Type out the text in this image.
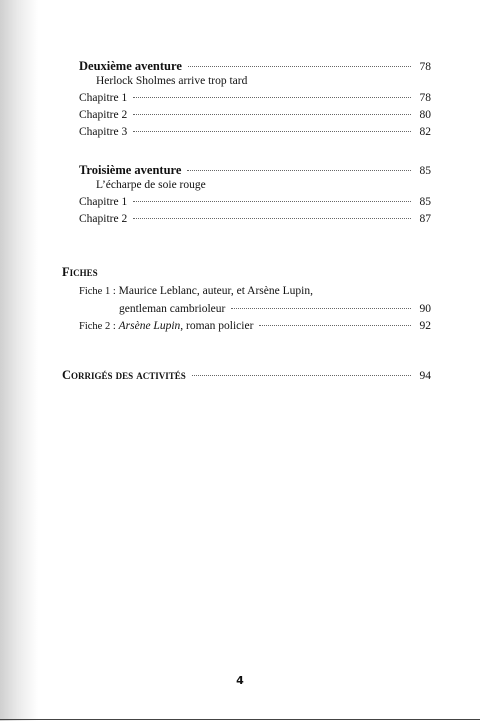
Deuxième aventure	78
Herlock Sholmes arrive trop tard
Chapitre 1	78
Chapitre 2	80
Chapitre 3	82
Troisième aventure	85
L’écharpe de soie rouge
Chapitre 1	85
Chapitre 2	87
Fiches
Fiche 1 : Maurice Leblanc, auteur, et Arsène Lupin,
gentleman cambrioleur	90
Fiche 2 : Arsène Lupin, roman policier	92
Corrigés des activités	94
4
